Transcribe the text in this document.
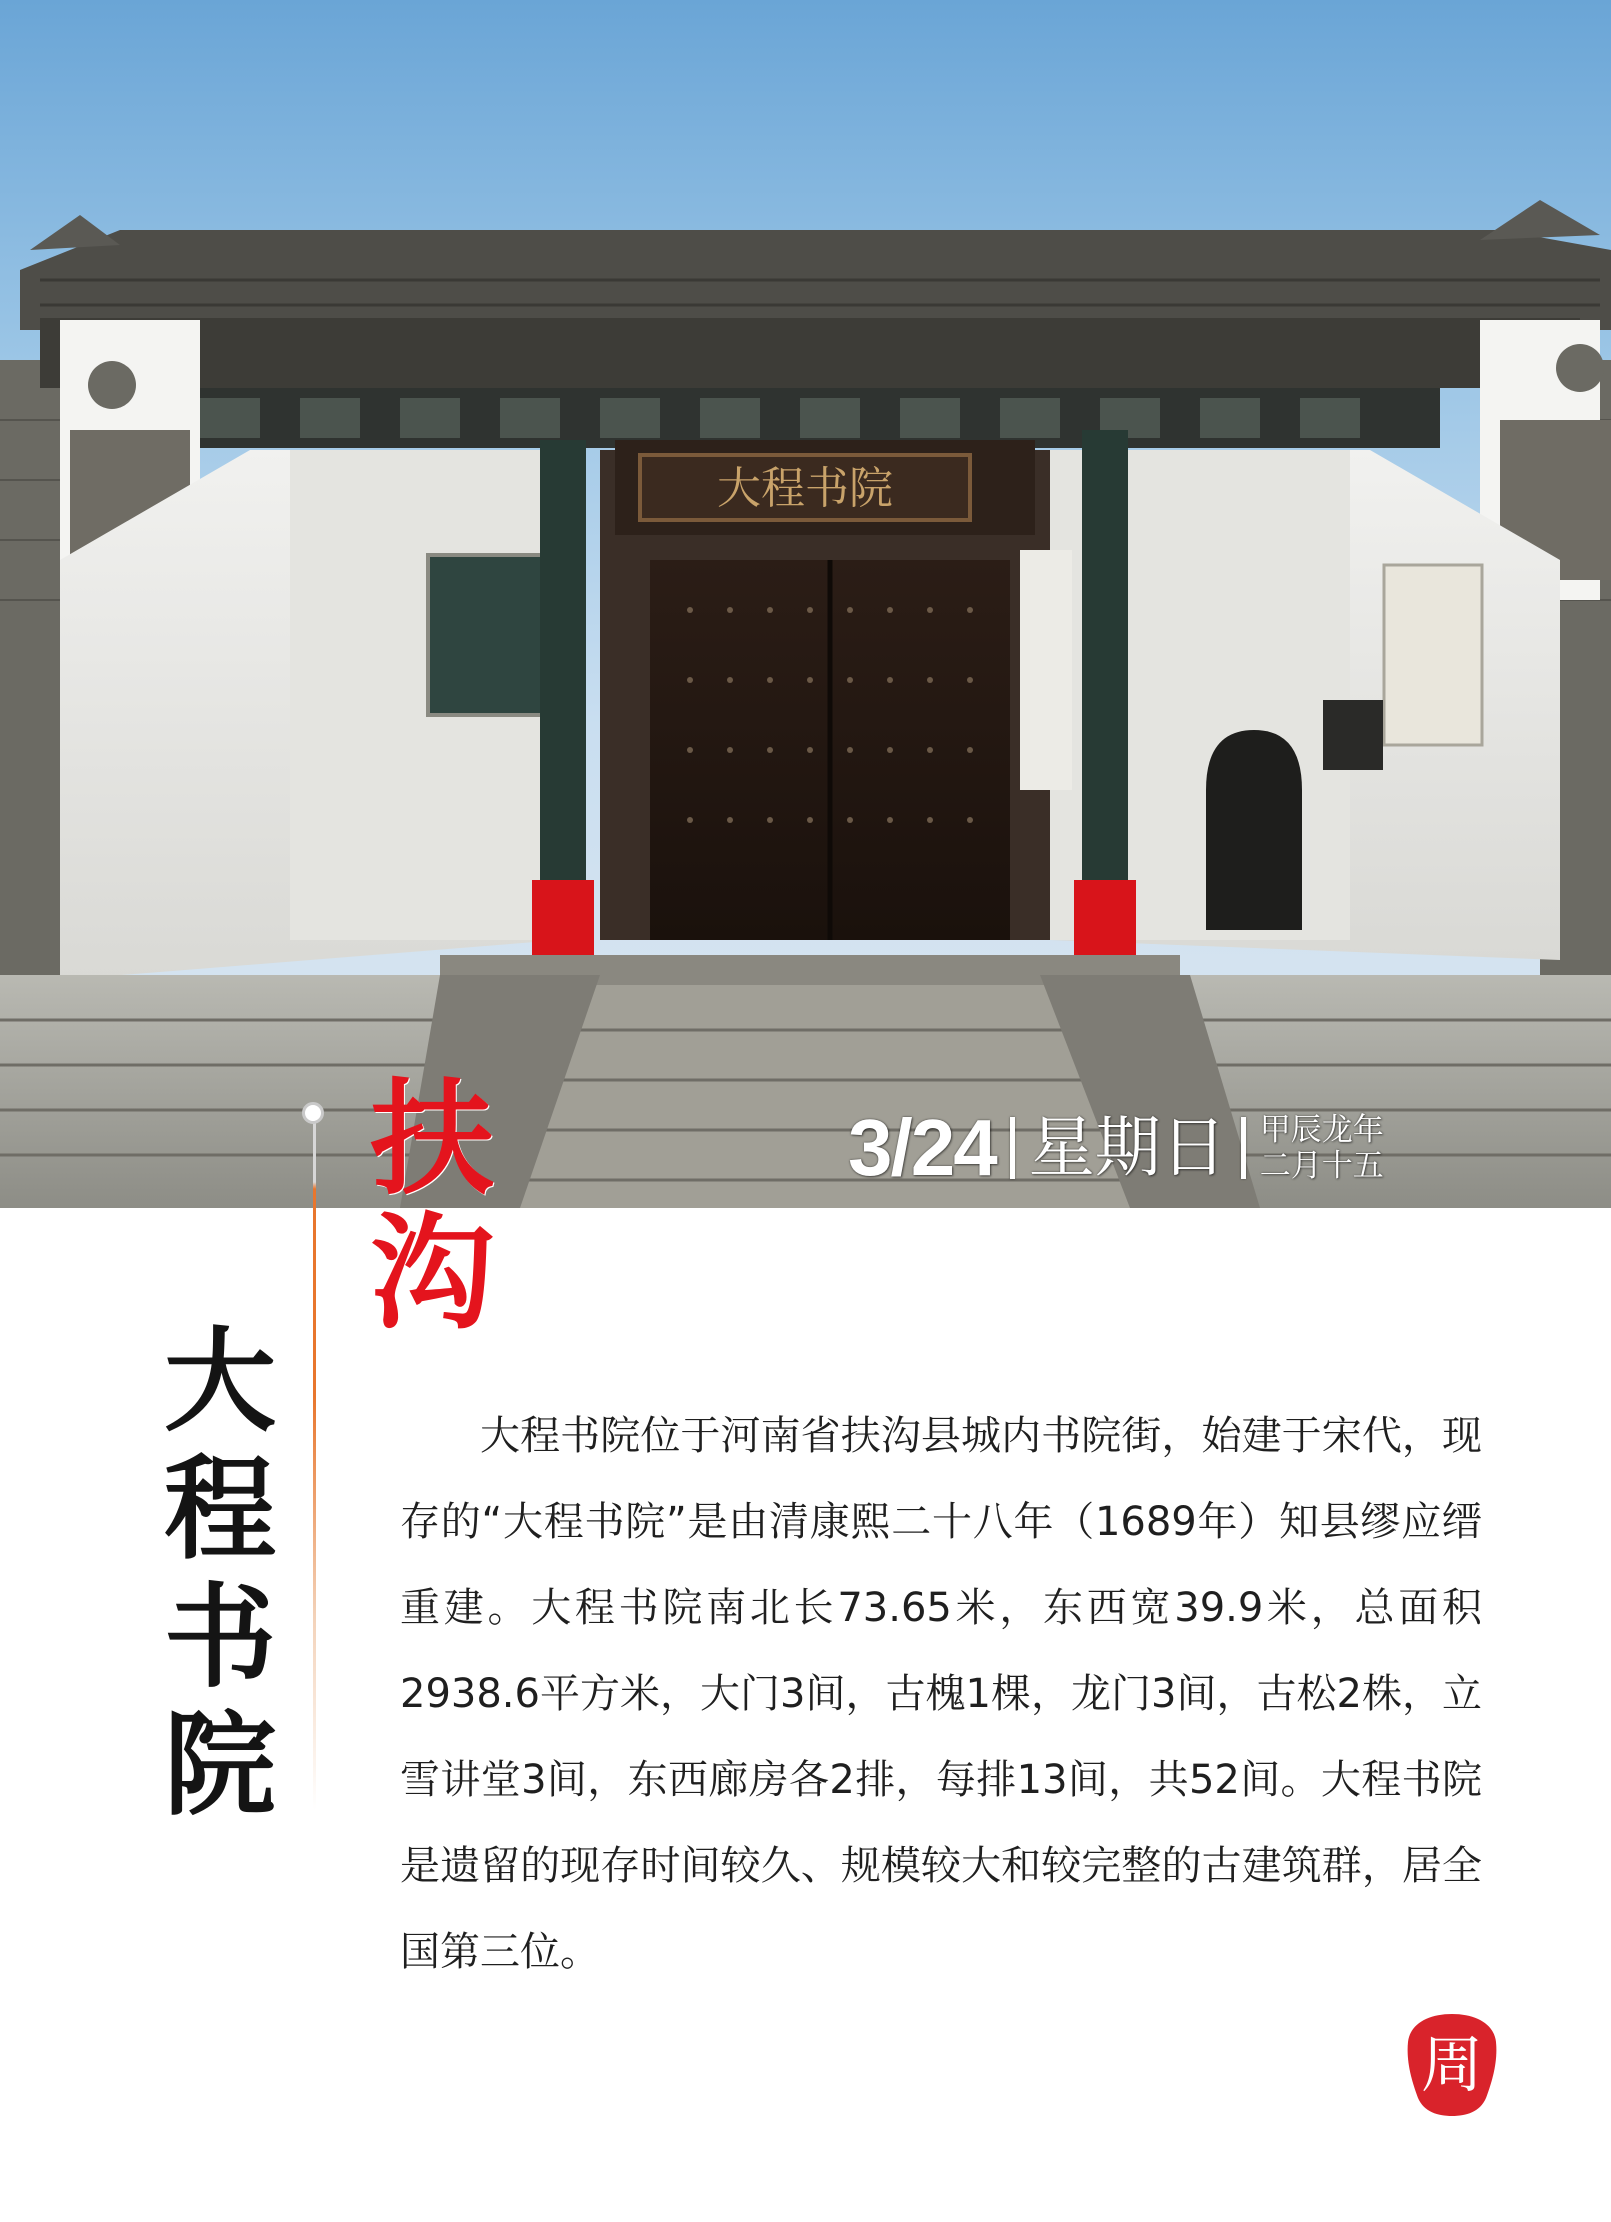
大程书院
3/24 星期日 甲辰龙年
二月十五
扶
沟
大
程
书
院
大程书院位于河南省扶沟县城内书院街，始建于宋代，现存的“大程书院”是由清康熙二十八年（1689年）知县缪应缙重建。大程书院南北长73.65米，东西宽39.9米，总面积2938.6平方米，大门3间，古槐1棵，龙门3间，古松2株，立雪讲堂3间，东西廊房各2排，每排13间，共52间。大程书院是遗留的现存时间较久、规模较大和较完整的古建筑群，居全国第三位。
周
